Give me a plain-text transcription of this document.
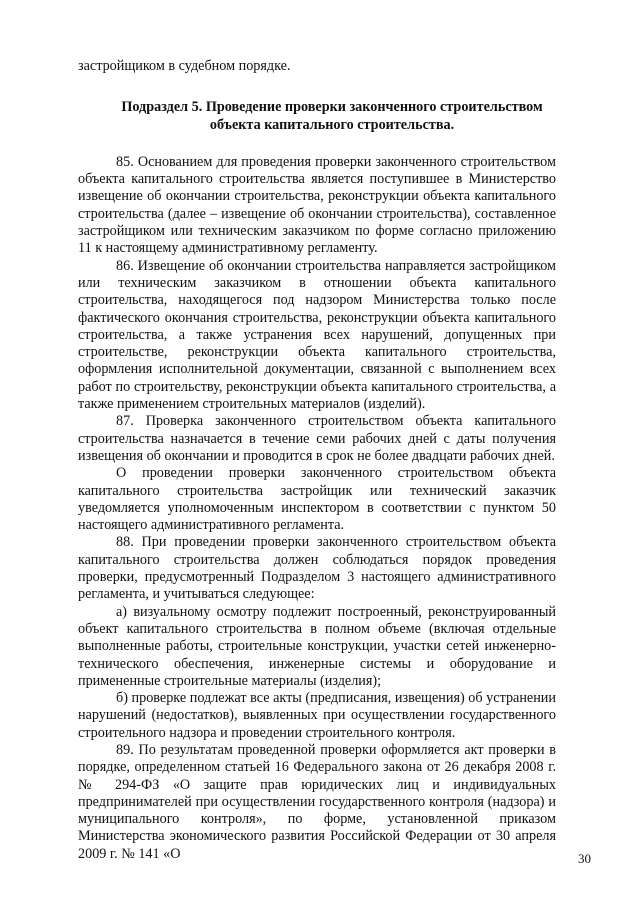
застройщиком в судебном порядке.

Подраздел 5. Проведение проверки законченного строительством
объекта капитального строительства.

85. Основанием для проведения проверки законченного строительством объекта капитального строительства является поступившее в Министерство извещение об окончании строительства, реконструкции объекта капитального строительства (далее – извещение об окончании строительства), составленное застройщиком или техническим заказчиком по форме согласно приложению 11 к настоящему административному регламенту.

86. Извещение об окончании строительства направляется застройщиком или техническим заказчиком в отношении объекта капитального строительства, находящегося под надзором Министерства только после фактического окончания строительства, реконструкции объекта капитального строительства, а также устранения всех нарушений, допущенных при строительстве, реконструкции объекта капитального строительства, оформления исполнительной документации, связанной с выполнением всех работ по строительству, реконструкции объекта капитального строительства, а также применением строительных материалов (изделий).

87. Проверка законченного строительством объекта капитального строительства назначается в течение семи рабочих дней с даты получения извещения об окончании и проводится в срок не более двадцати рабочих дней.

О проведении проверки законченного строительством объекта капитального строительства застройщик или технический заказчик уведомляется уполномоченным инспектором в соответствии с пунктом 50 настоящего административного регламента.

88. При проведении проверки законченного строительством объекта капитального строительства должен соблюдаться порядок проведения проверки, предусмотренный Подразделом 3 настоящего административного регламента, и учитываться следующее:

а) визуальному осмотру подлежит построенный, реконструированный объект капитального строительства в полном объеме (включая отдельные выполненные работы, строительные конструкции, участки сетей инженерно-технического обеспечения, инженерные системы и оборудование и примененные строительные материалы (изделия);

б) проверке подлежат все акты (предписания, извещения) об устранении нарушений (недостатков), выявленных при осуществлении государственного строительного надзора и проведении строительного контроля.

89. По результатам проведенной проверки оформляется акт проверки в порядке, определенном статьей 16 Федерального закона от 26 декабря 2008 г. № 294-ФЗ «О защите прав юридических лиц и индивидуальных предпринимателей при осуществлении государственного контроля (надзора) и муниципального контроля», по форме, установленной приказом Министерства экономического развития Российской Федерации от 30 апреля 2009 г. № 141 «О	30
